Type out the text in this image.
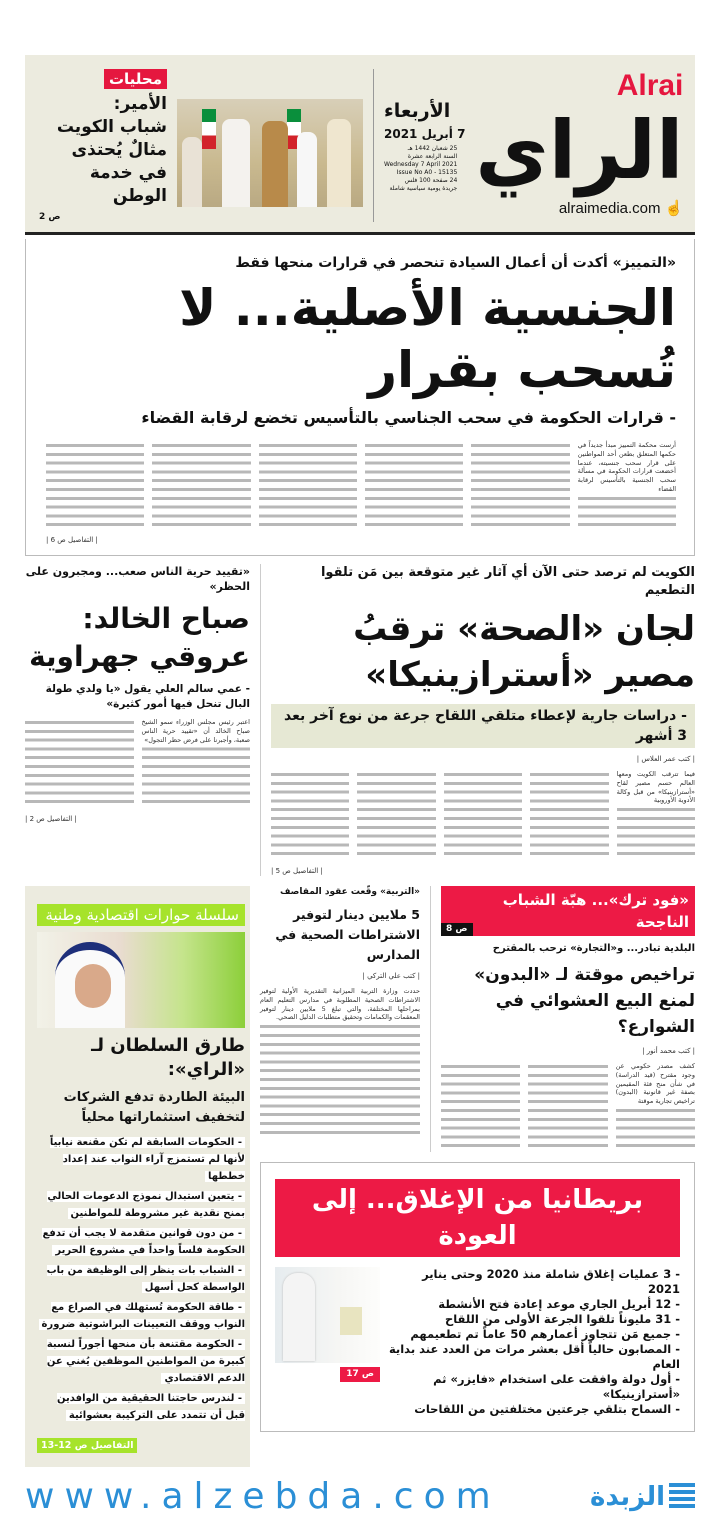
محليات
الأمير:
شباب الكويت
مثالٌ يُحتذى
في خدمة الوطن
ص 2
الأربعاء
7 أبريل 2021
25 شعبان 1442 هـ
السنة الرابعة عشرة
Wednesday 7 April 2021
Issue No A0 - 15135
24 صفحة 100 فلس
جريدة يومية سياسية شاملة
Alrai
الراي
alraimedia.com ☝
«التمييز» أكدت أن أعمال السيادة تنحصر في قرارات منحها فقط
الجنسية الأصلية... لا تُسحب بقرار
- قرارات الحكومة في سحب الجناسي بالتأسيس تخضع لرقابة القضاء
أرست محكمة التمييز مبدأ جديداً في حكمها المتعلق بطعن أحد المواطنين على قرار سحب جنسيته، عندما أخضعت قرارات الحكومة في مسألة سحب الجنسية بالتأسيس لرقابة القضاء
| التفاصيل ص 6 |
«تقييد حرية الناس صعب... ومجبرون على الحظر»
صباح الخالد:
عروقي جهراوية
- عمي سالم العلي يقول «يا ولدي طولة البال تنحل فيها أمور كثيرة»
اعتبر رئيس مجلس الوزراء سمو الشيخ صباح الخالد أن «تقييد حرية الناس صعبة، وأجبرنا على فرض حظر التجول»
| التفاصيل ص 2 |
الكويت لم ترصد حتى الآن أي آثار غير متوقعة بين مَن تلقوا التطعيم
لجان «الصحة» ترقبُ مصير «أسترازينيكا»
- دراسات جارية لإعطاء متلقي اللقاح جرعة من نوع آخر بعد 3 أشهر
| كتب عمر العلاس |
فيما تترقب الكويت ومعها العالم حسم مصير لقاح «أسترازينيكا» من قبل وكالة الأدوية الأوروبية
| التفاصيل ص 5 |
سلسلة حوارات اقتصادية وطنية
طارق السلطان لـ «الراي»:
البيئة الطاردة تدفع الشركات
لتخفيف استثماراتها محلياً
- الحكومات السابقة لم تكن مقنعة نيابياً لأنها لم تستمزج آراء النواب عند إعداد خططها
- يتعين استبدال نموذج الدعومات الحالي بمنح نقدية غير مشروطة للمواطنين
- من دون قوانين متقدمة لا يجب أن تدفع الحكومة فلساً واحداً في مشروع الحرير
- الشباب بات ينظر إلى الوظيفة من باب الواسطة كحل أسهل
- طاقة الحكومة تُستهلك في الصراع مع النواب ووقف التعيينات البراشوتية ضرورة
- الحكومة مقتنعة بأن منحها أجوراً لنسبة كبيرة من المواطنين الموظفين يُغني عن الدعم الاقتصادي
- لندرس حاجتنا الحقيقية من الوافدين قبل أن تتمدد على التركيبة بعشوائية
التفاصيل ص 12-13
«التربية» وقّعت عقود المقاصف
5 ملايين دينار لتوفير
الاشتراطات الصحية في المدارس
| كتب علي التركي |
حددت وزارة التربية الميزانية التقديرية الأولية لتوفير الاشتراطات الصحية المطلوبة في مدارس التعليم العام بمراحلها المختلفة، والتي تبلغ 5 ملايين دينار لتوفير المعقمات والكمامات وتحقيق متطلبات الدليل الصحي.
ص 8
«فود ترك»... هبّة الشباب الناجحة
البلدية تبادر... و«التجارة» ترحب بالمقترح
تراخيص موقتة لـ «البدون»
لمنع البيع العشوائي في الشوارع؟
| كتب محمد أنور |
كشف مصدر حكومي عن وجود مقترح (قيد الدراسة) في شأن منح فئة المقيمين بصفة غير قانونية (البدون) تراخيص تجارية موقتة
بريطانيا من الإغلاق... إلى العودة
ص 17
- 3 عمليات إغلاق شاملة منذ 2020 وحتى يناير 2021
- 12 أبريل الجاري موعد إعادة فتح الأنشطة
- 31 مليوناً تلقوا الجرعة الأولى من اللقاح
- جميع مَن تتجاوز أعمارهم 50 عاماً تم تطعيمهم
- المصابون حالياً أقل بعشر مرات من العدد عند بداية العام
- أول دولة وافقت على استخدام «فايزر» ثم «أسترازينيكا»
- السماح بتلقي جرعتين مختلفتين من اللقاحات
www.alzebda.com	الزبدة
